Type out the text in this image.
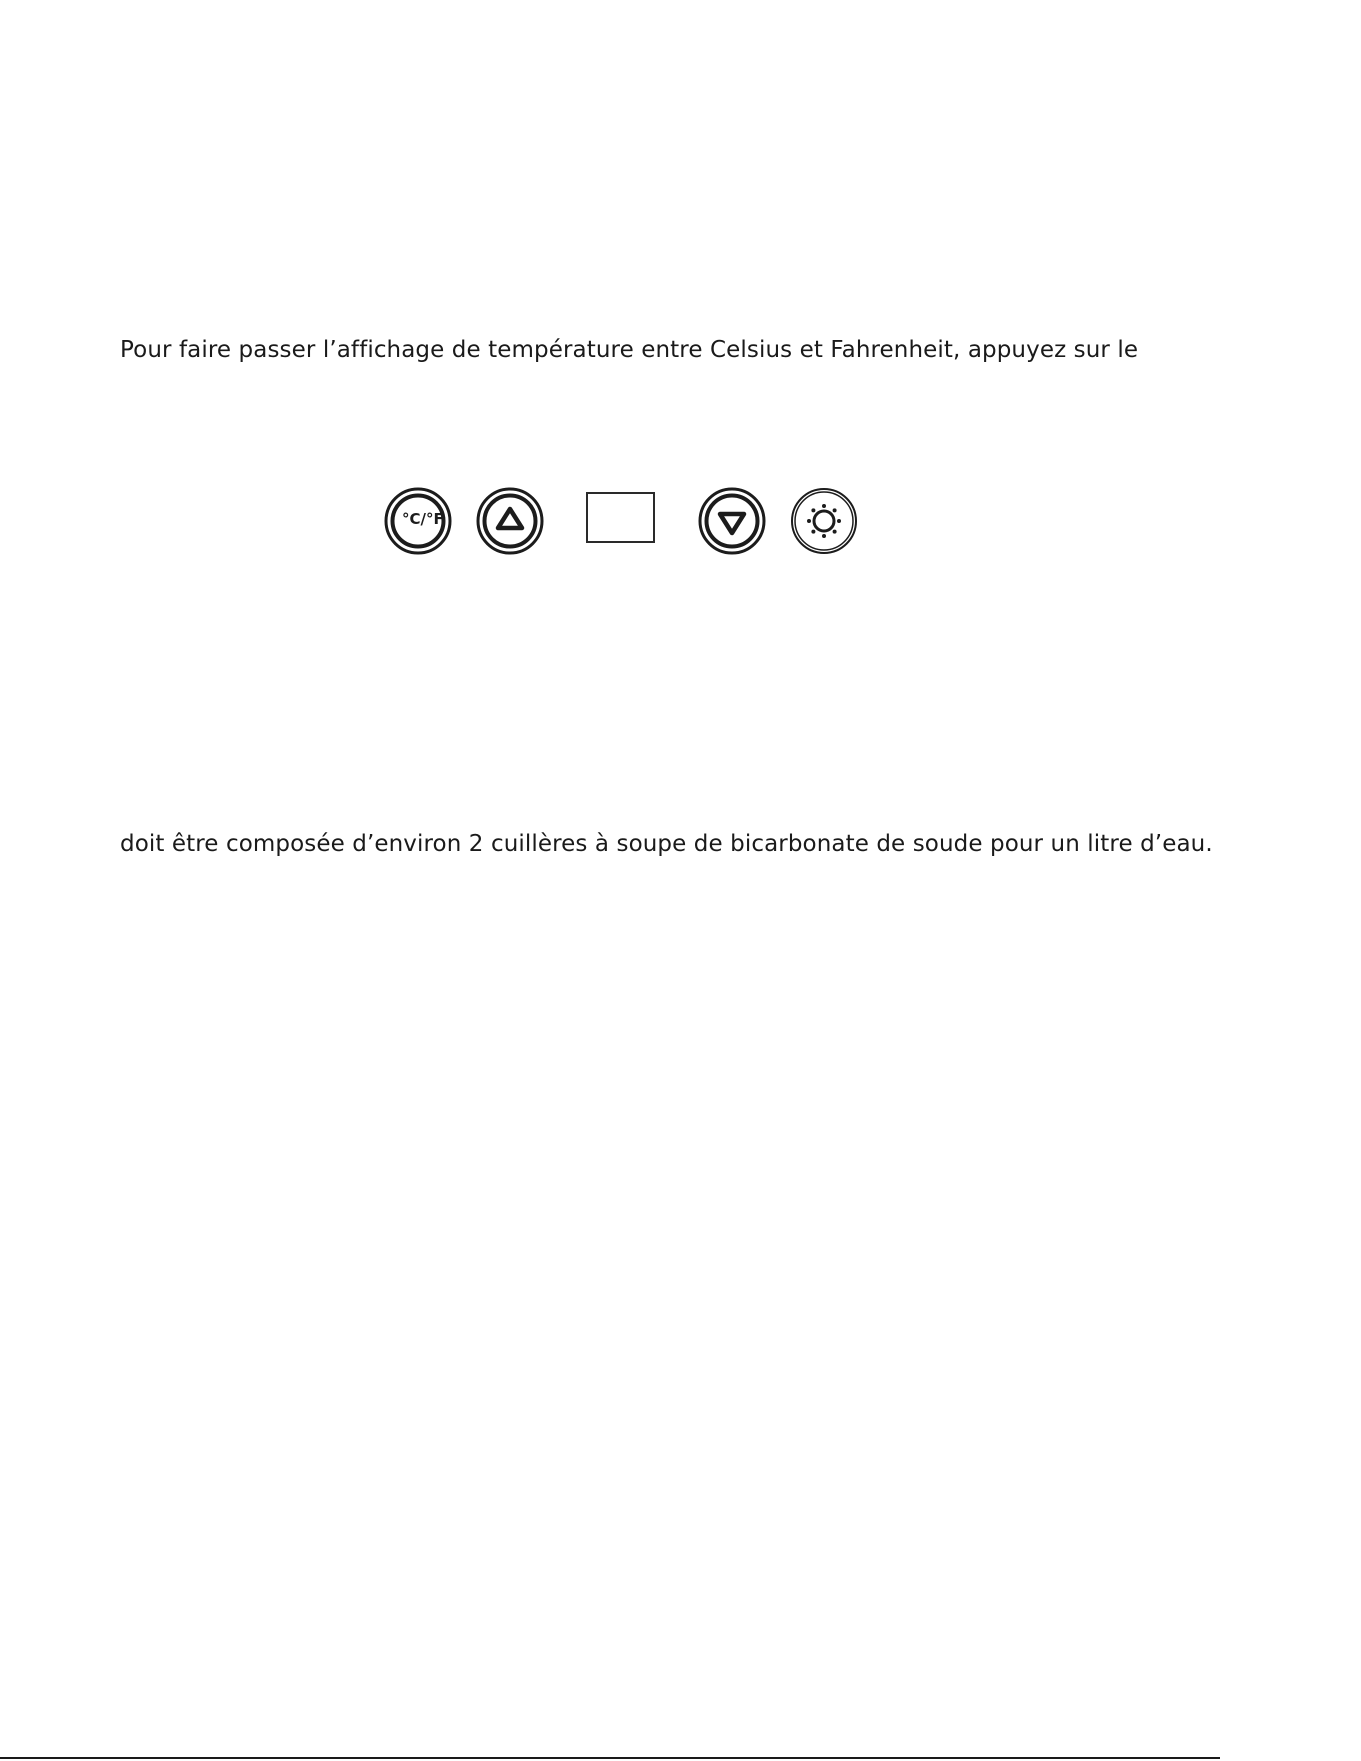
Pour faire passer l’affichage de température entre Celsius et Fahrenheit, appuyez sur le

°C/°F

doit être composée d’environ 2 cuillères à soupe de bicarbonate de soude pour un litre d’eau.
